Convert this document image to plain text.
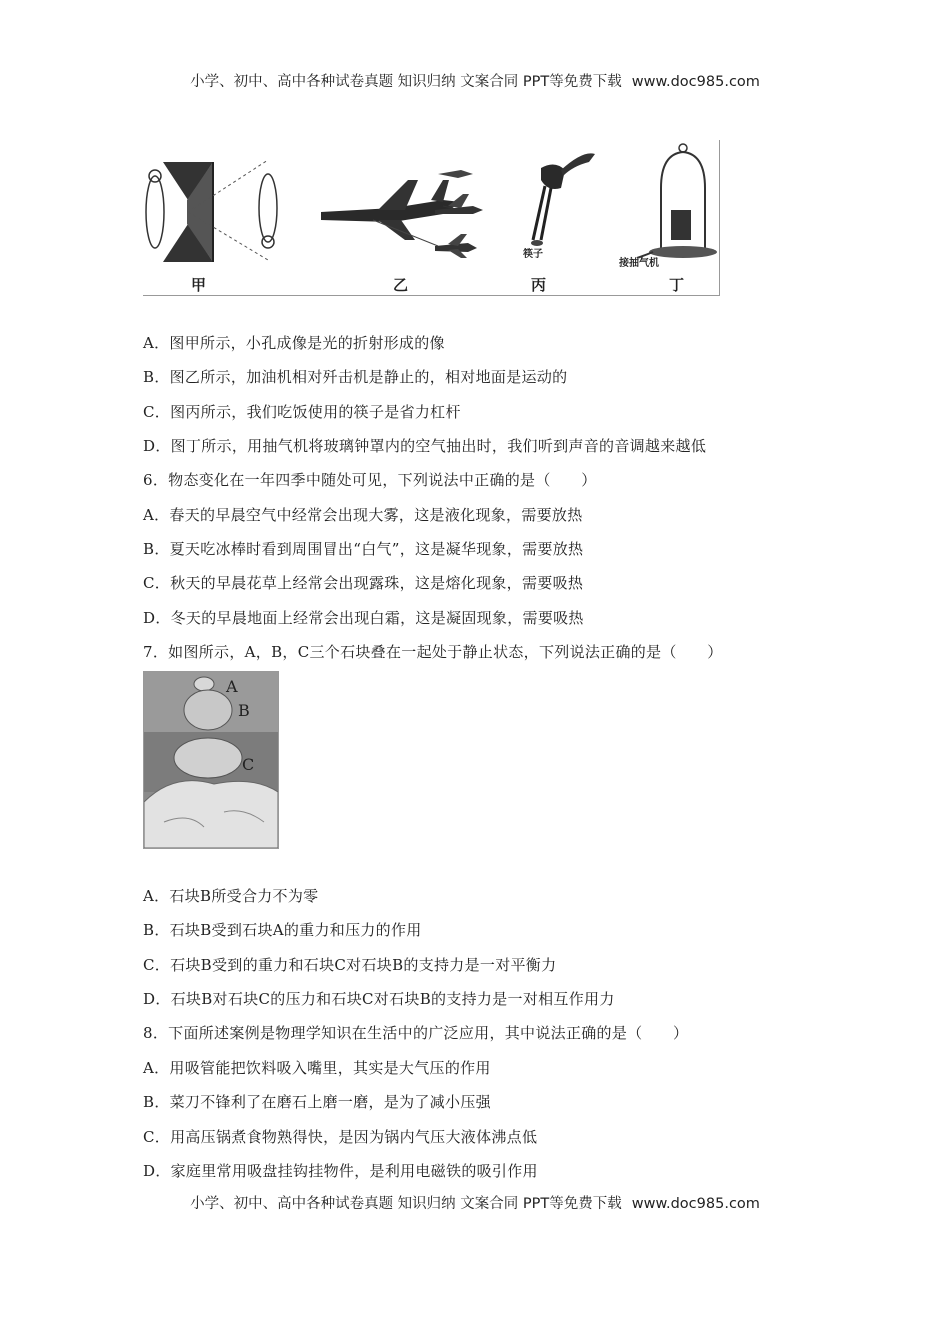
小学、初中、高中各种试卷真题 知识归纳 文案合同 PPT等免费下载 www.doc985.com
筷子
接抽气机
甲	乙	丙	丁
A．图甲所示，小孔成像是光的折射形成的像
B．图乙所示，加油机相对歼击机是静止的，相对地面是运动的
C．图丙所示，我们吃饭使用的筷子是省力杠杆
D．图丁所示，用抽气机将玻璃钟罩内的空气抽出时，我们听到声音的音调越来越低
6．物态变化在一年四季中随处可见，下列说法中正确的是（　　）
A．春天的早晨空气中经常会出现大雾，这是液化现象，需要放热
B．夏天吃冰棒时看到周围冒出“白气”，这是凝华现象，需要放热
C．秋天的早晨花草上经常会出现露珠，这是熔化现象，需要吸热
D．冬天的早晨地面上经常会出现白霜，这是凝固现象，需要吸热
7．如图所示，A，B，C三个石块叠在一起处于静止状态，下列说法正确的是（　　）
A
B
C
A．石块B所受合力不为零
B．石块B受到石块A的重力和压力的作用
C．石块B受到的重力和石块C对石块B的支持力是一对平衡力
D．石块B对石块C的压力和石块C对石块B的支持力是一对相互作用力
8．下面所述案例是物理学知识在生活中的广泛应用，其中说法正确的是（　　）
A．用吸管能把饮料吸入嘴里，其实是大气压的作用
B．菜刀不锋利了在磨石上磨一磨，是为了减小压强
C．用高压锅煮食物熟得快，是因为锅内气压大液体沸点低
D．家庭里常用吸盘挂钩挂物件，是利用电磁铁的吸引作用
小学、初中、高中各种试卷真题 知识归纳 文案合同 PPT等免费下载 www.doc985.com
